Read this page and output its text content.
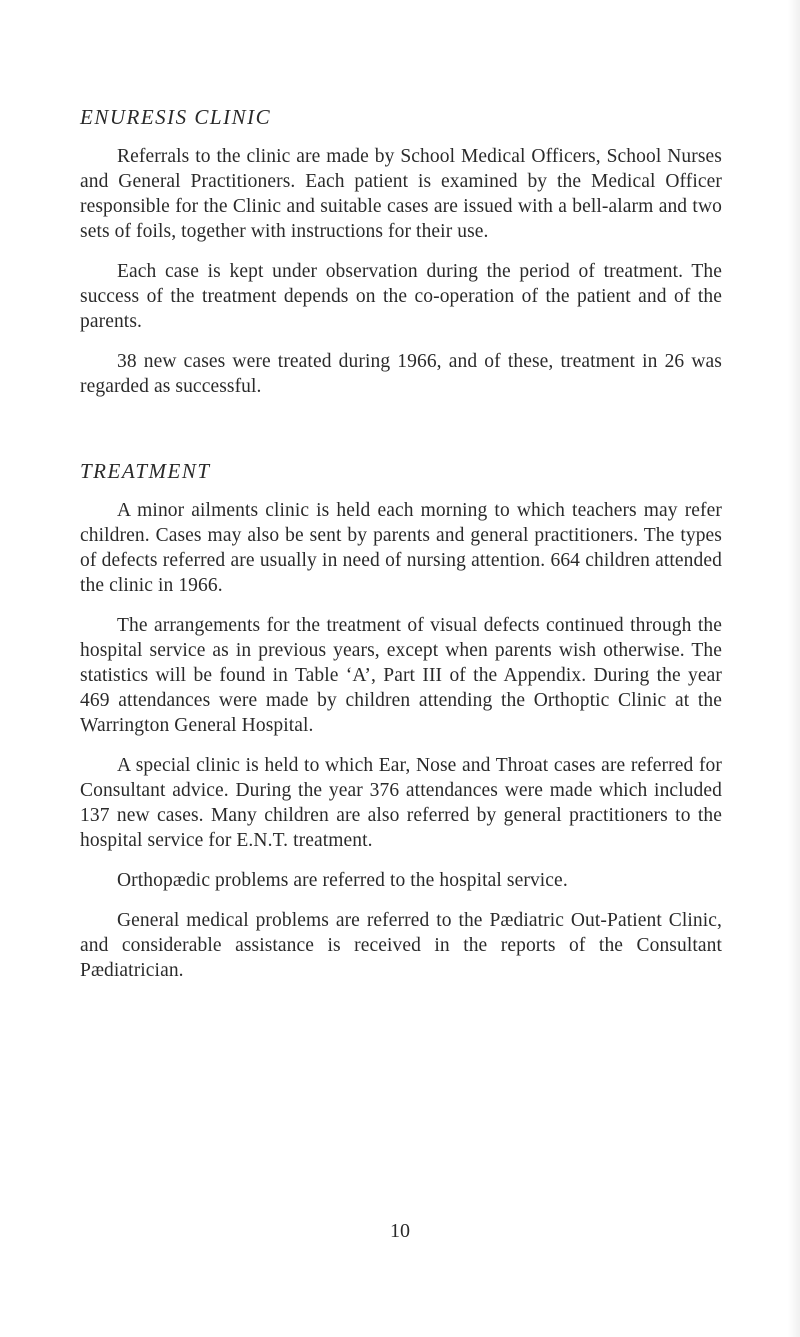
ENURESIS CLINIC

Referrals to the clinic are made by School Medical Officers, School Nurses and General Practitioners. Each patient is examined by the Medical Officer responsible for the Clinic and suitable cases are issued with a bell-alarm and two sets of foils, together with instructions for their use.

Each case is kept under observation during the period of treatment. The success of the treatment depends on the co-operation of the patient and of the parents.

38 new cases were treated during 1966, and of these, treatment in 26 was regarded as successful.

TREATMENT

A minor ailments clinic is held each morning to which teachers may refer children. Cases may also be sent by parents and general practitioners. The types of defects referred are usually in need of nursing attention. 664 children attended the clinic in 1966.

The arrangements for the treatment of visual defects continued through the hospital service as in previous years, except when parents wish otherwise. The statistics will be found in Table ‘A’, Part III of the Appendix. During the year 469 attendances were made by children attending the Orthoptic Clinic at the Warrington General Hospital.

A special clinic is held to which Ear, Nose and Throat cases are referred for Consultant advice. During the year 376 attendances were made which included 137 new cases. Many children are also referred by general practitioners to the hospital service for E.N.T. treatment.

Orthopædic problems are referred to the hospital service.

General medical problems are referred to the Pædiatric Out-Patient Clinic, and considerable assistance is received in the reports of the Consultant Pædiatrician.

10
